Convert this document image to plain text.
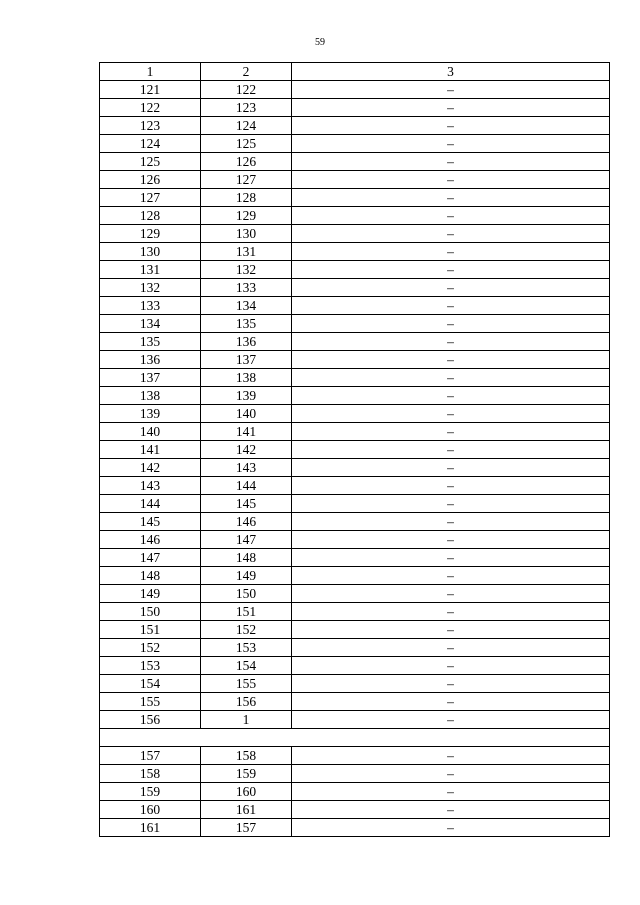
59
1	2	3
121	122	–
122	123	–
123	124	–
124	125	–
125	126	–
126	127	–
127	128	–
128	129	–
129	130	–
130	131	–
131	132	–
132	133	–
133	134	–
134	135	–
135	136	–
136	137	–
137	138	–
138	139	–
139	140	–
140	141	–
141	142	–
142	143	–
143	144	–
144	145	–
145	146	–
146	147	–
147	148	–
148	149	–
149	150	–
150	151	–
151	152	–
152	153	–
153	154	–
154	155	–
155	156	–
156	1	–

157	158	–
158	159	–
159	160	–
160	161	–
161	157	–
